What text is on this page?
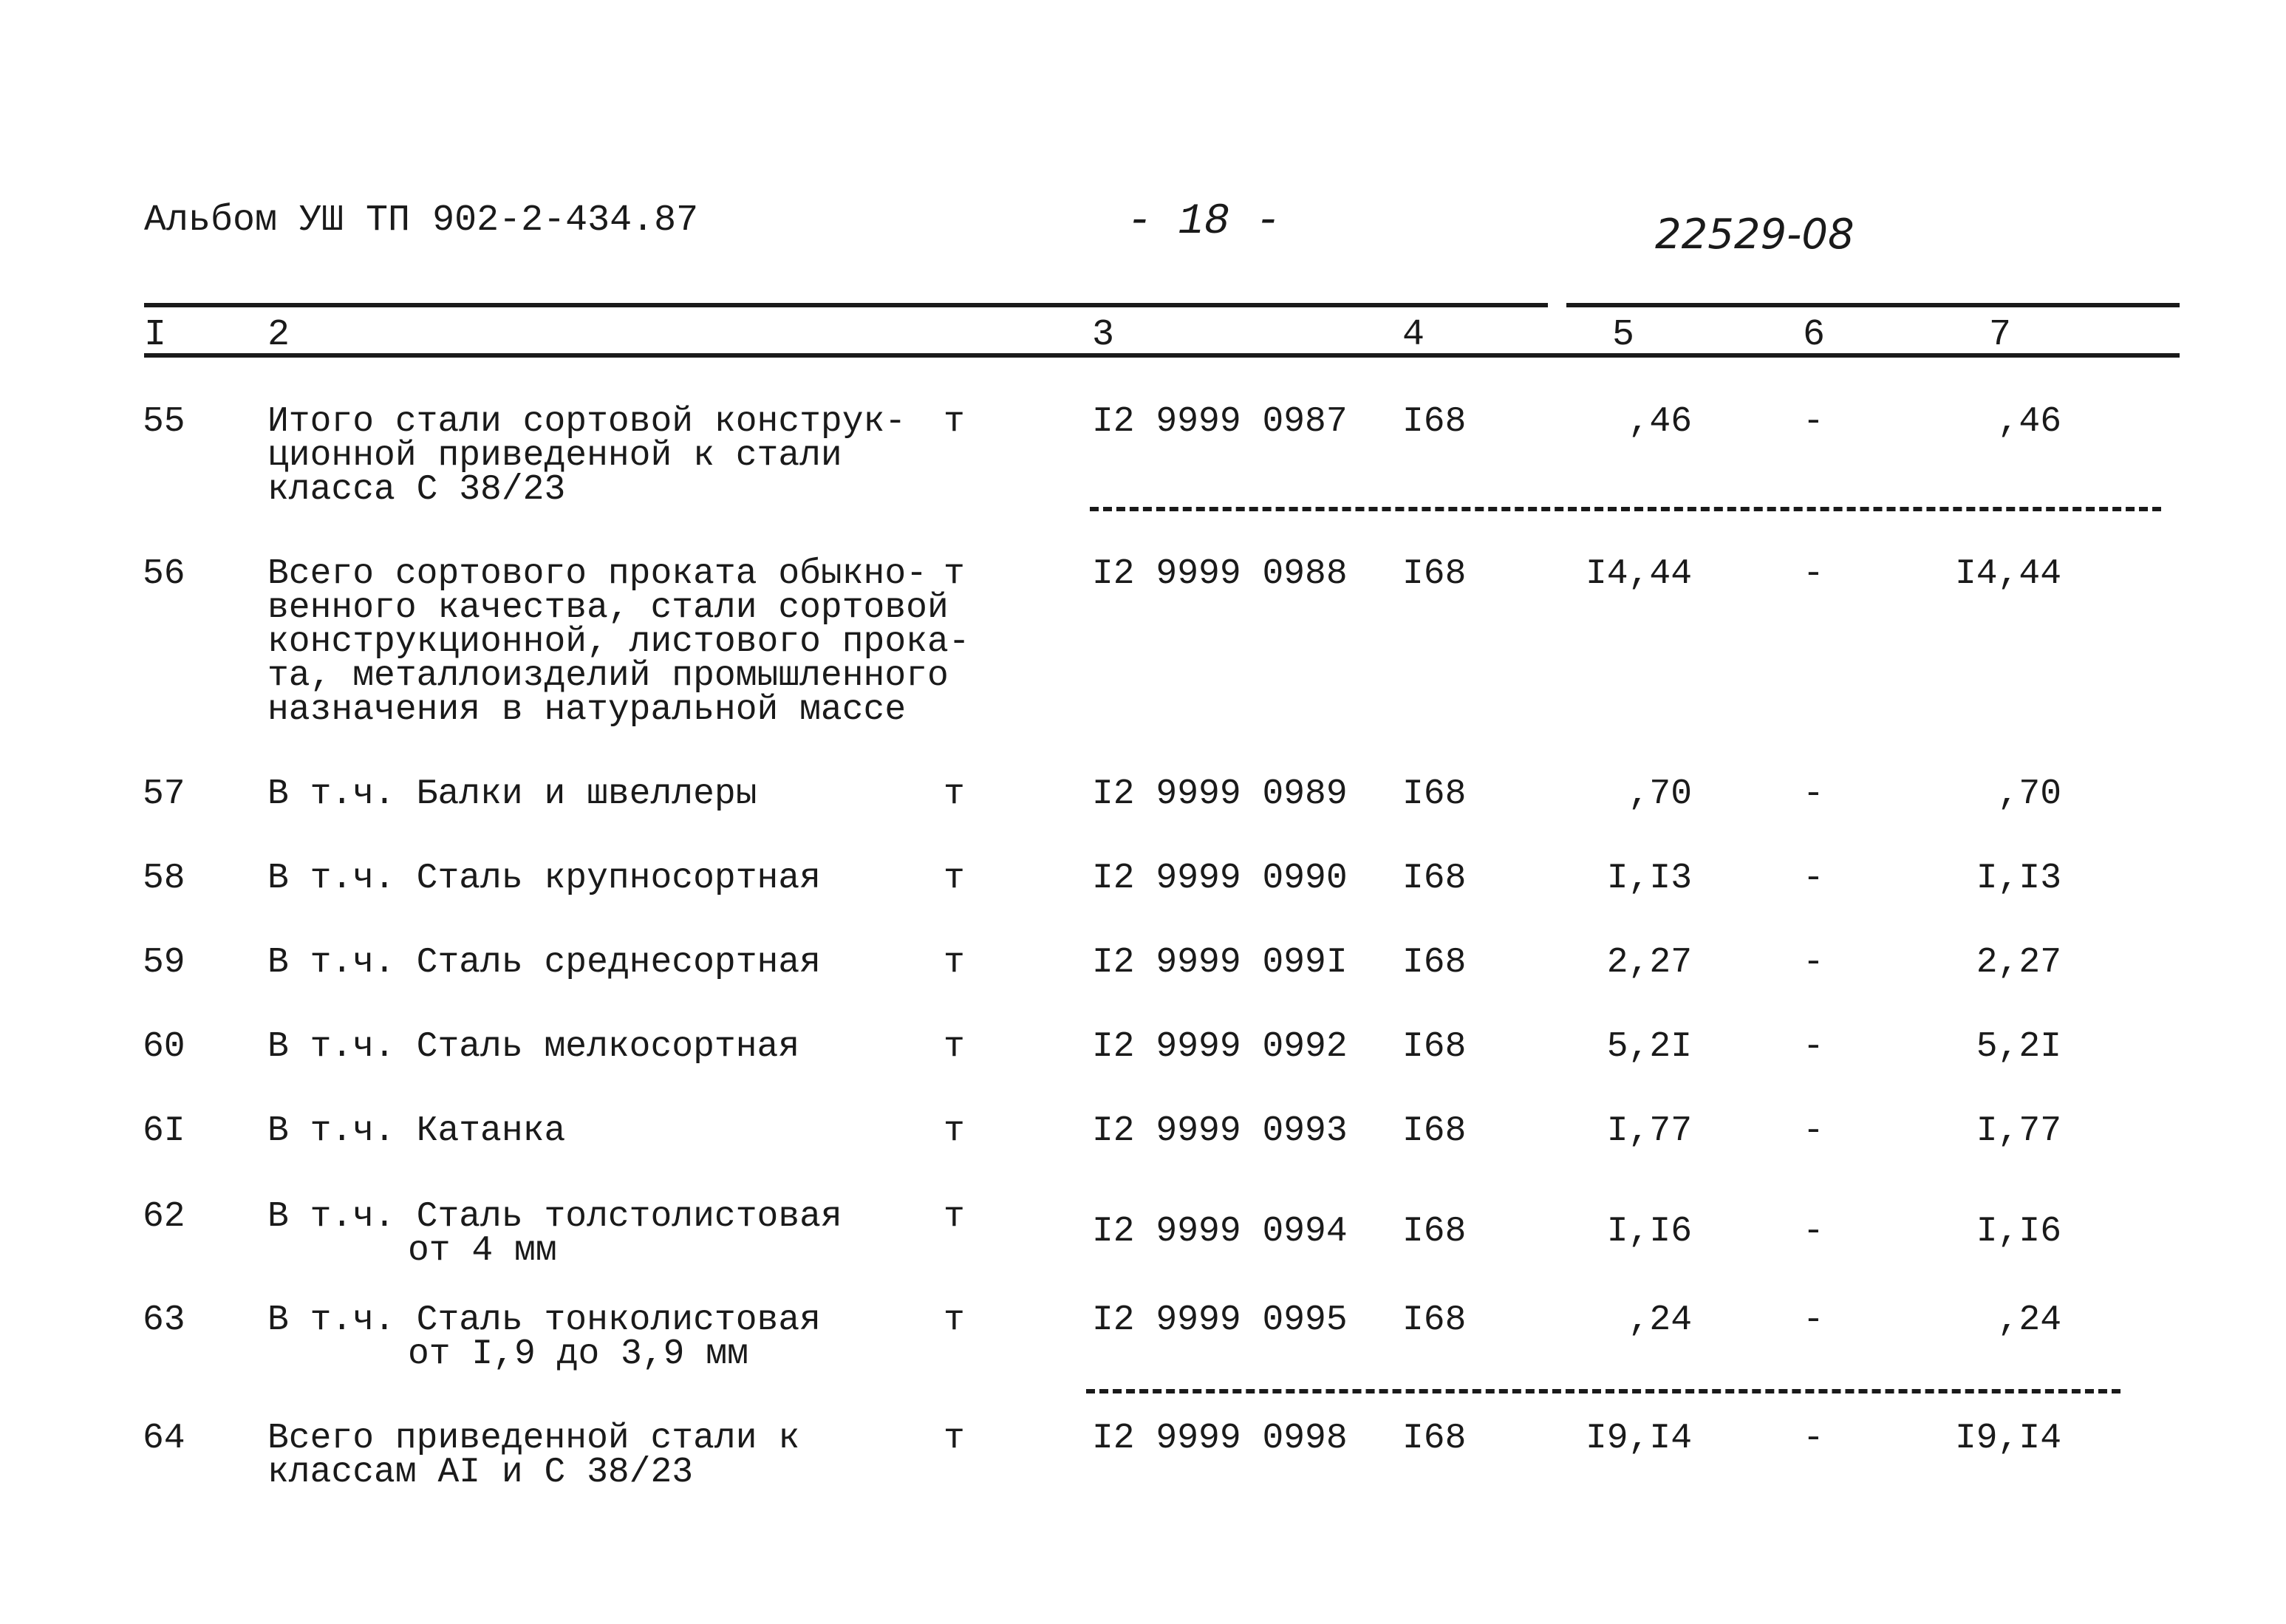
Альбом УШ ТП 902-2-434.87	- 18 -	22529-08
I	2	3	4	5	6	7
55 Итого стали сортовой конструк-
ционной приведенной к стали
класса С 38/23
т	I2 9999 0987 I68	,46	-	,46
56 Всего сортового проката обыкно-
венного качества, стали сортовой
конструкционной, листового прока-
та, металлоизделий промышленного
назначения в натуральной массе
т	I2 9999 0988 I68	I4,44	-	I4,44
57 В т.ч. Балки и швеллеры	т	I2 9999 0989 I68	,70	-	,70
58 В т.ч. Сталь крупносортная	т	I2 9999 0990 I68	I,I3	-	I,I3
59 В т.ч. Сталь среднесортная	т	I2 9999 099I I68	2,27	-	2,27
60 В т.ч. Сталь мелкосортная	т	I2 9999 0992 I68	5,2I	-	5,2I
6I В т.ч. Катанка	т	I2 9999 0993 I68	I,77	-	I,77
62 В т.ч. Сталь толстолистовая
от 4 мм
т	I2 9999 0994 I68	I,I6	-	I,I6
63 В т.ч. Сталь тонколистовая
от I,9 до 3,9 мм
т	I2 9999 0995 I68	,24	-	,24
64 Всего приведенной стали к
классам АI и С 38/23
т	I2 9999 0998 I68	I9,I4	-	I9,I4
